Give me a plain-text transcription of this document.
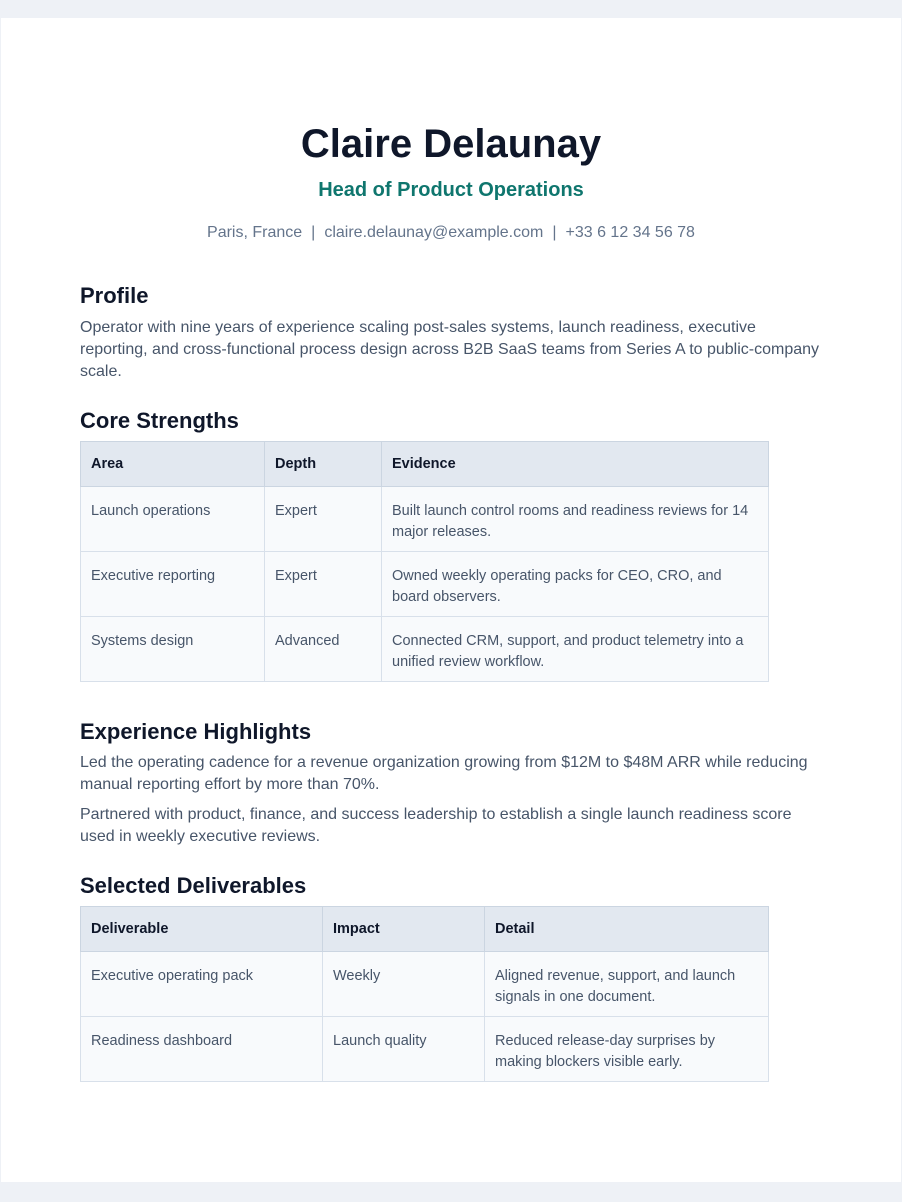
Claire Delaunay
Head of Product Operations
Paris, France | claire.delaunay@example.com | +33 6 12 34 56 78
Profile

Operator with nine years of experience scaling post-sales systems, launch readiness, executive reporting, and cross-functional process design across B2B SaaS teams from Series A to public-company scale.

Core Strengths
Area	Depth	Evidence
Launch operations	Expert	Built launch control rooms and readiness reviews for 14 major releases.
Executive reporting	Expert	Owned weekly operating packs for CEO, CRO, and board observers.
Systems design	Advanced	Connected CRM, support, and product telemetry into a unified review workflow.
Experience Highlights

Led the operating cadence for a revenue organization growing from $12M to $48M ARR while reducing manual reporting effort by more than 70%.

Partnered with product, finance, and success leadership to establish a single launch readiness score used in weekly executive reviews.

Selected Deliverables
Deliverable	Impact	Detail
Executive operating pack	Weekly	Aligned revenue, support, and launch signals in one document.
Readiness dashboard	Launch quality	Reduced release-day surprises by making blockers visible early.
